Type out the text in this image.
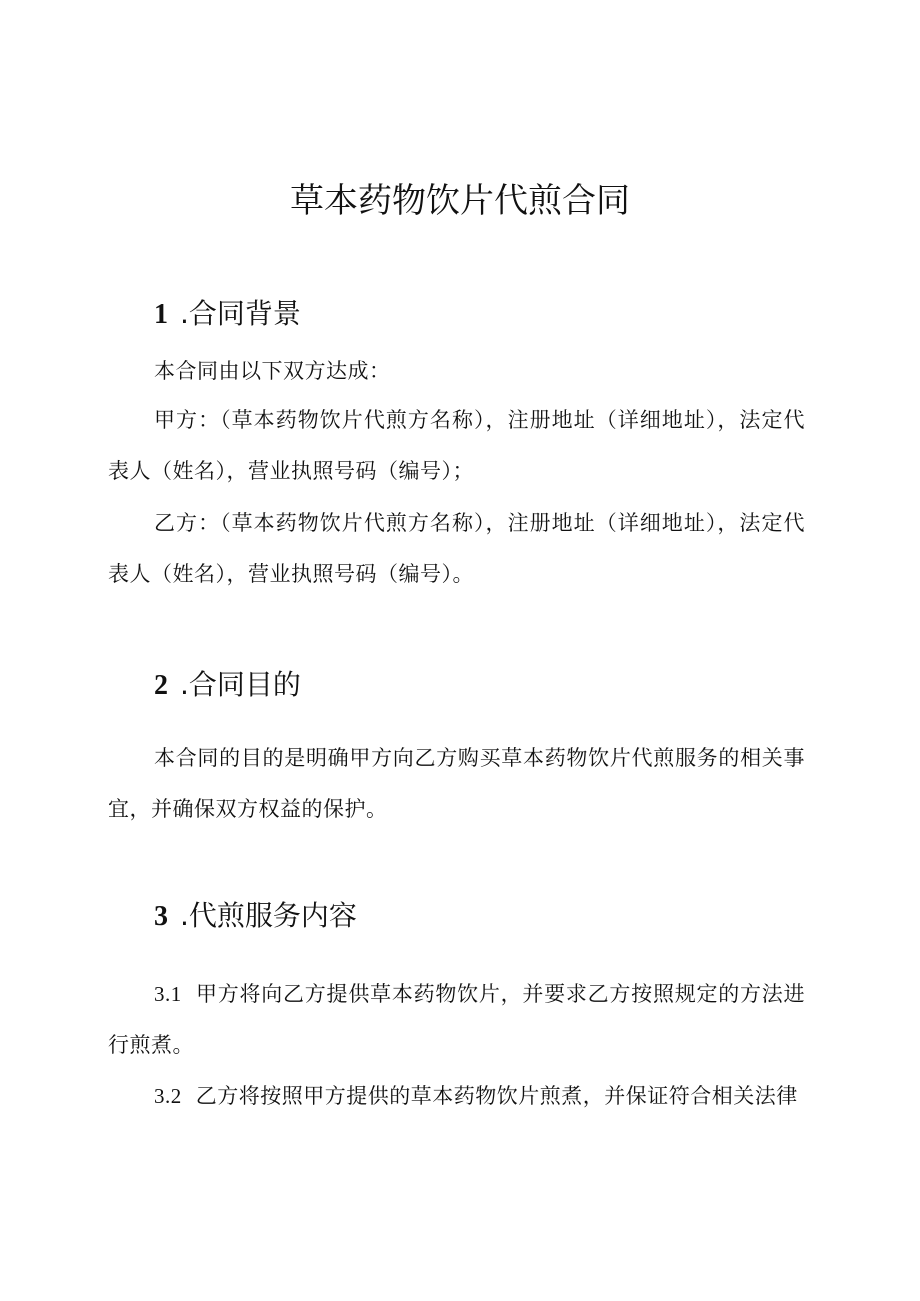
草本药物饮片代煎合同
1 .合同背景

本合同由以下双方达成：

甲方：（草本药物饮片代煎方名称），注册地址（详细地址），法定代表人（姓名），营业执照号码（编号）；

乙方：（草本药物饮片代煎方名称），注册地址（详细地址），法定代表人（姓名），营业执照号码（编号）。

2 .合同目的

本合同的目的是明确甲方向乙方购买草本药物饮片代煎服务的相关事宜，并确保双方权益的保护。

3 .代煎服务内容

3.1 甲方将向乙方提供草本药物饮片，并要求乙方按照规定的方法进行煎煮。

3.2 乙方将按照甲方提供的草本药物饮片煎煮，并保证符合相关法律
